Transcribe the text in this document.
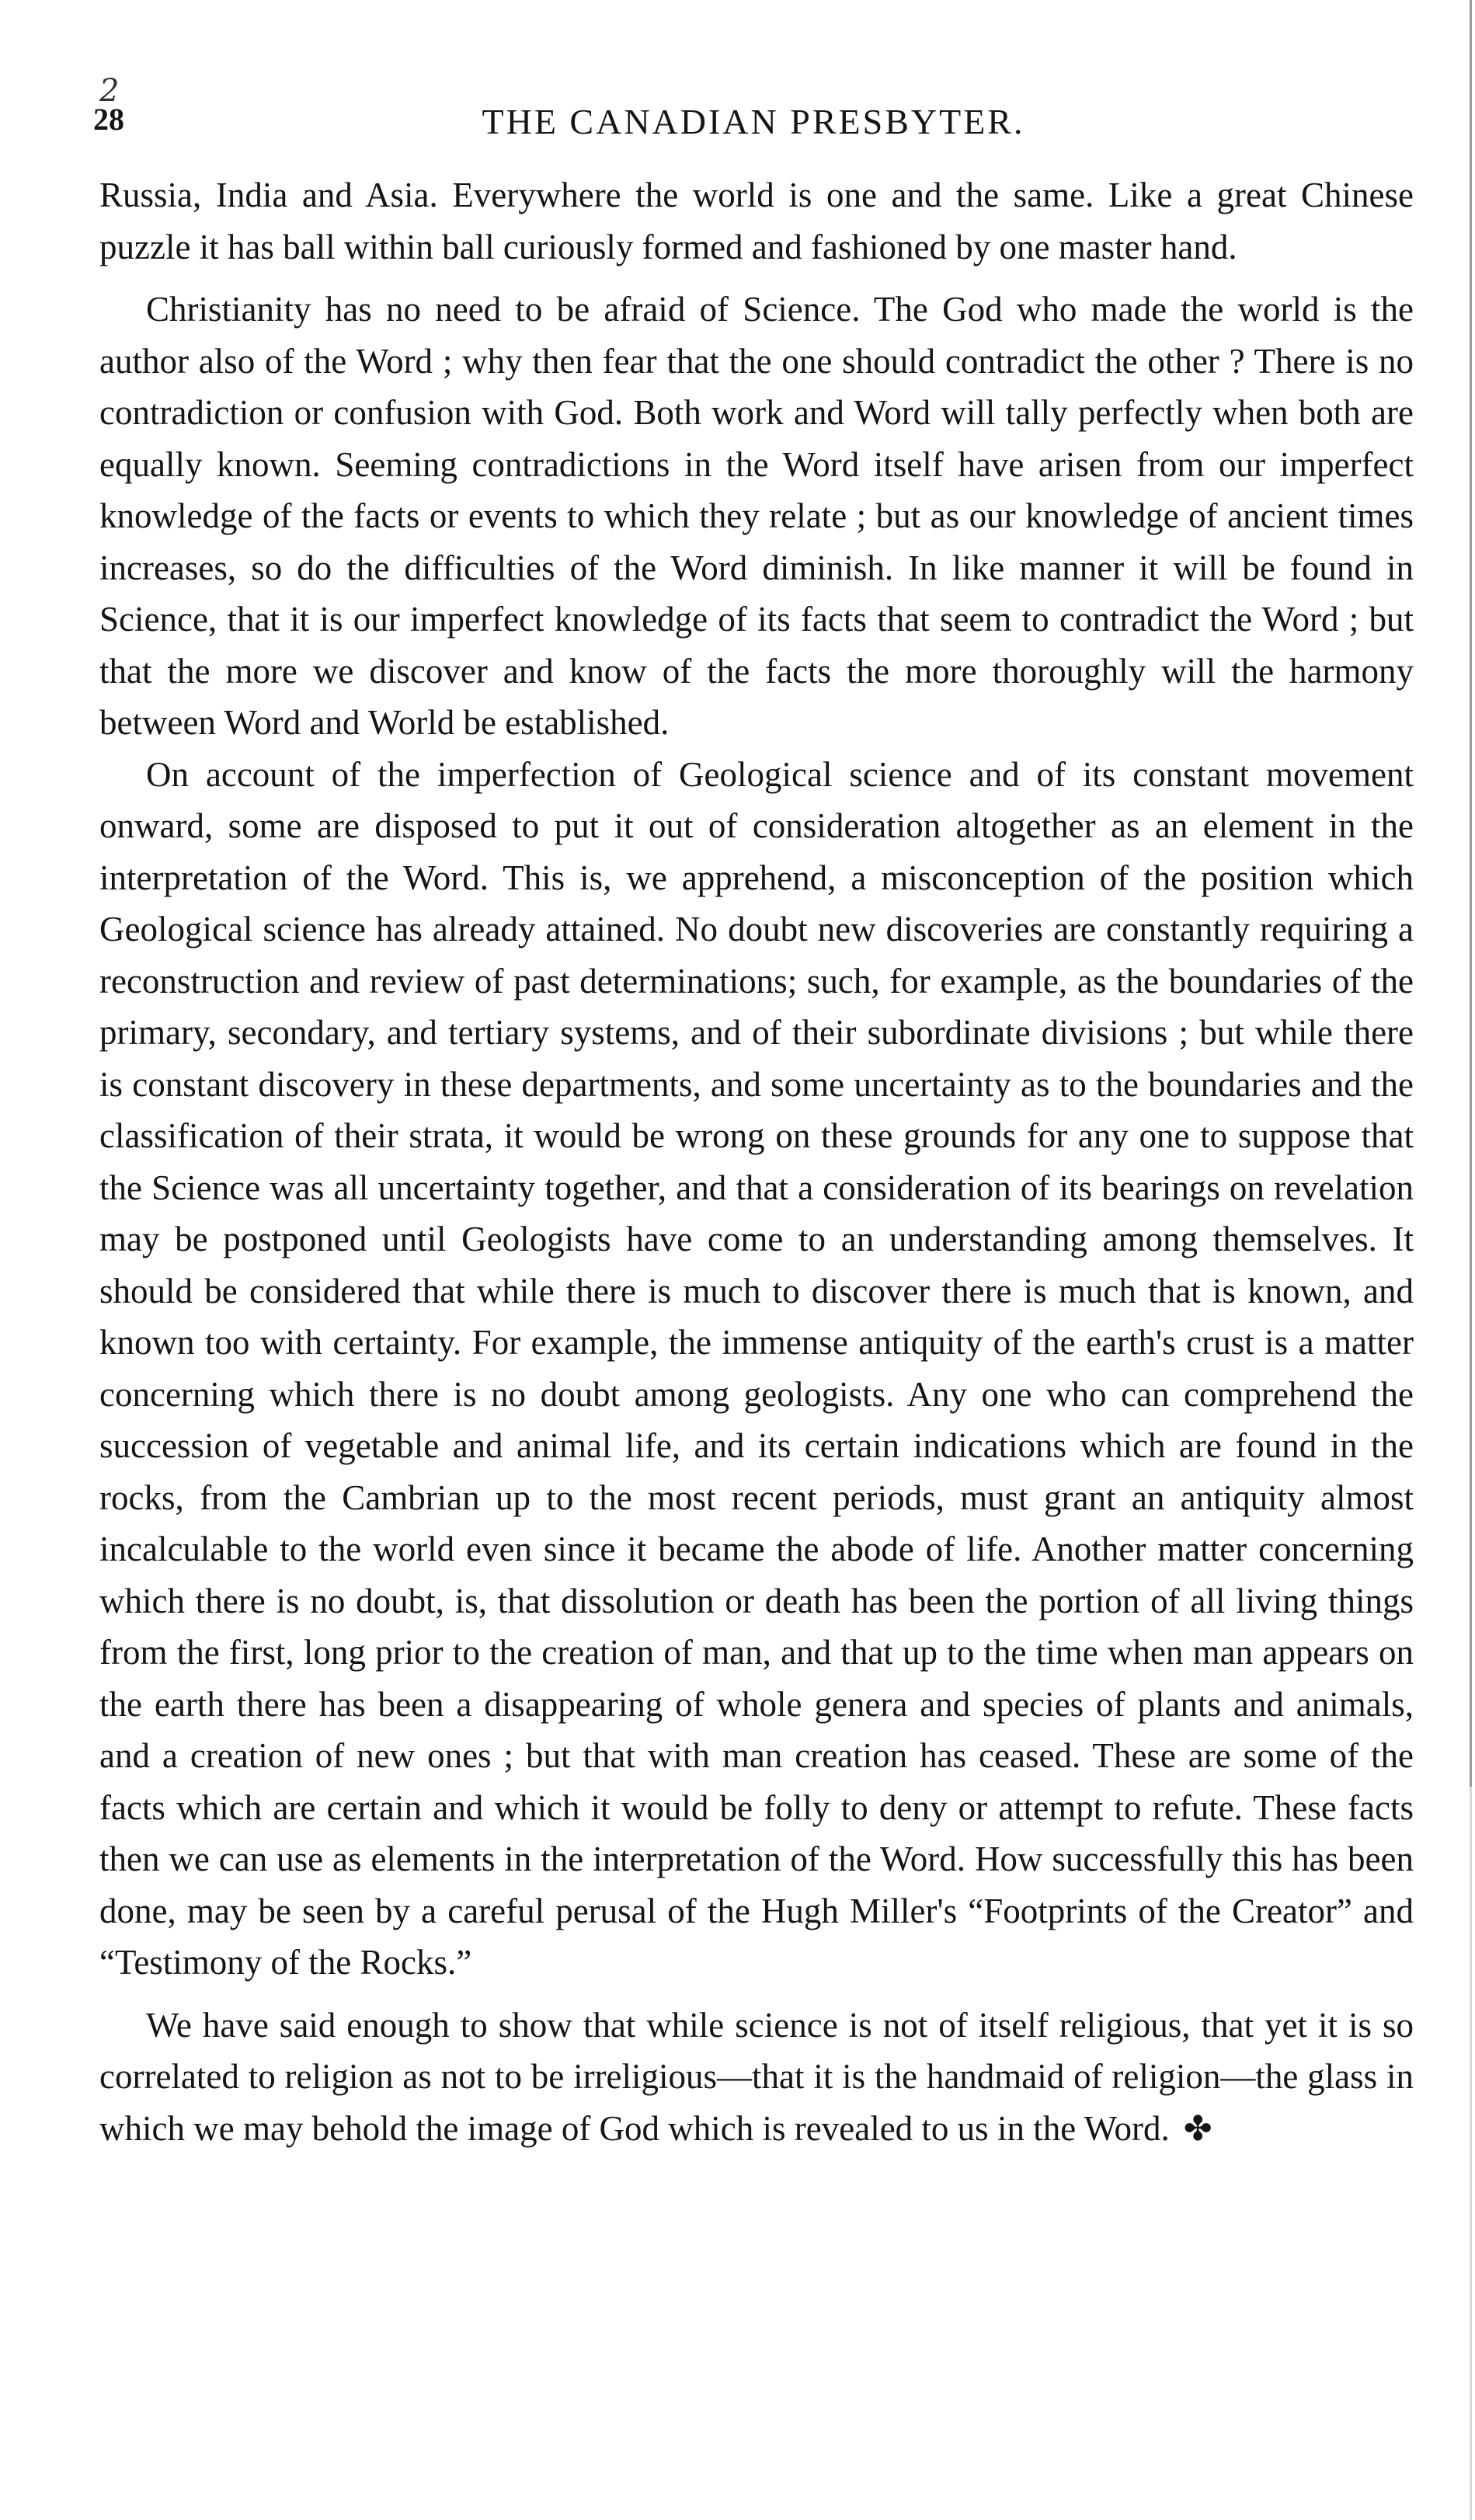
2
28	THE CANADIAN PRESBYTER.

Russia, India and Asia. Everywhere the world is one and the same. Like a great Chinese puzzle it has ball within ball curiously formed and fashioned by one master hand.

Christianity has no need to be afraid of Science. The God who made the world is the author also of the Word ; why then fear that the one should contradict the other ? There is no contradiction or confusion with God. Both work and Word will tally perfectly when both are equally known. Seeming contradictions in the Word itself have arisen from our imperfect knowledge of the facts or events to which they relate ; but as our knowledge of ancient times increases, so do the difficulties of the Word diminish. In like manner it will be found in Science, that it is our imperfect knowledge of its facts that seem to contradict the Word ; but that the more we discover and know of the facts the more thoroughly will the harmony between Word and World be established.

On account of the imperfection of Geological science and of its constant movement onward, some are disposed to put it out of consideration altogether as an element in the interpretation of the Word. This is, we apprehend, a misconception of the position which Geological science has already attained. No doubt new discoveries are constantly requiring a reconstruction and review of past determinations; such, for example, as the boundaries of the primary, secondary, and tertiary systems, and of their subordinate divisions ; but while there is constant discovery in these departments, and some uncertainty as to the boundaries and the classification of their strata, it would be wrong on these grounds for any one to suppose that the Science was all uncertainty together, and that a consideration of its bearings on revelation may be postponed until Geologists have come to an understanding among themselves. It should be considered that while there is much to discover there is much that is known, and known too with certainty. For example, the immense antiquity of the earth's crust is a matter concerning which there is no doubt among geologists. Any one who can comprehend the succession of vegetable and animal life, and its certain indications which are found in the rocks, from the Cambrian up to the most recent periods, must grant an antiquity almost incalculable to the world even since it became the abode of life. Another matter concerning which there is no doubt, is, that dissolution or death has been the portion of all living things from the first, long prior to the creation of man, and that up to the time when man appears on the earth there has been a disappearing of whole genera and species of plants and animals, and a creation of new ones ; but that with man creation has ceased. These are some of the facts which are certain and which it would be folly to deny or attempt to refute. These facts then we can use as elements in the interpretation of the Word. How successfully this has been done, may be seen by a careful perusal of the Hugh Miller's “Footprints of the Creator” and “Testimony of the Rocks.”

We have said enough to show that while science is not of itself religious, that yet it is so correlated to religion as not to be irreligious—that it is the handmaid of religion—the glass in which we may behold the image of God which is revealed to us in the Word. ✤
